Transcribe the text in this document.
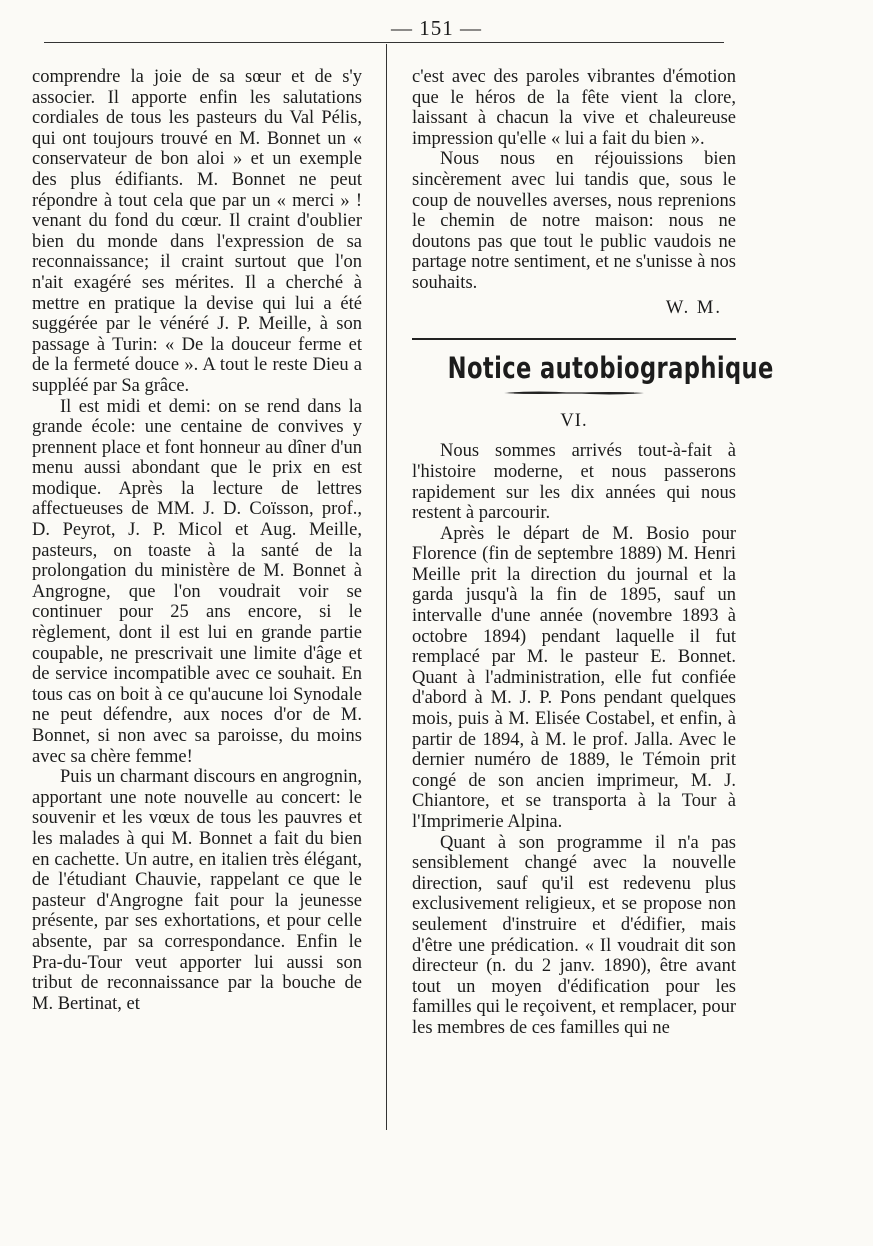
— 151 —

comprendre la joie de sa sœur et de s'y associer. Il apporte enfin les salutations cordiales de tous les pasteurs du Val Pélis, qui ont toujours trouvé en M. Bonnet un « conservateur de bon aloi » et un exemple des plus édifiants. M. Bonnet ne peut répondre à tout cela que par un « merci » ! venant du fond du cœur. Il craint d'oublier bien du monde dans l'expression de sa reconnaissance; il craint surtout que l'on n'ait exagéré ses mérites. Il a cherché à mettre en pratique la devise qui lui a été suggérée par le vénéré J. P. Meille, à son passage à Turin: « De la douceur ferme et de la fermeté douce ». A tout le reste Dieu a suppléé par Sa grâce.

Il est midi et demi: on se rend dans la grande école: une centaine de convives y prennent place et font honneur au dîner d'un menu aussi abondant que le prix en est modique. Après la lecture de lettres affectueuses de MM. J. D. Coïsson, prof., D. Peyrot, J. P. Micol et Aug. Meille, pasteurs, on toaste à la santé de la prolongation du ministère de M. Bonnet à Angrogne, que l'on voudrait voir se continuer pour 25 ans encore, si le règlement, dont il est lui en grande partie coupable, ne prescrivait une limite d'âge et de service incompatible avec ce souhait. En tous cas on boit à ce qu'aucune loi Synodale ne peut défendre, aux noces d'or de M. Bonnet, si non avec sa paroisse, du moins avec sa chère femme!

Puis un charmant discours en angrognin, apportant une note nouvelle au concert: le souvenir et les vœux de tous les pauvres et les malades à qui M. Bonnet a fait du bien en cachette. Un autre, en italien très élégant, de l'étudiant Chauvie, rappelant ce que le pasteur d'Angrogne fait pour la jeunesse présente, par ses exhortations, et pour celle absente, par sa correspondance. Enfin le Pra-du-Tour veut apporter lui aussi son tribut de reconnaissance par la bouche de M. Bertinat, et

c'est avec des paroles vibrantes d'émotion que le héros de la fête vient la clore, laissant à chacun la vive et chaleureuse impression qu'elle « lui a fait du bien ».

Nous nous en réjouissions bien sincèrement avec lui tandis que, sous le coup de nouvelles averses, nous reprenions le chemin de notre maison: nous ne doutons pas que tout le public vaudois ne partage notre sentiment, et ne s'unisse à nos souhaits.

W. M.
Notice autobiographique
VI.

Nous sommes arrivés tout-à-fait à l'histoire moderne, et nous passerons rapidement sur les dix années qui nous restent à parcourir.

Après le départ de M. Bosio pour Florence (fin de septembre 1889) M. Henri Meille prit la direction du journal et la garda jusqu'à la fin de 1895, sauf un intervalle d'une année (novembre 1893 à octobre 1894) pendant laquelle il fut remplacé par M. le pasteur E. Bonnet. Quant à l'administration, elle fut confiée d'abord à M. J. P. Pons pendant quelques mois, puis à M. Elisée Costabel, et enfin, à partir de 1894, à M. le prof. Jalla. Avec le dernier numéro de 1889, le Témoin prit congé de son ancien imprimeur, M. J. Chiantore, et se transporta à la Tour à l'Imprimerie Alpina.

Quant à son programme il n'a pas sensiblement changé avec la nouvelle direction, sauf qu'il est redevenu plus exclusivement religieux, et se propose non seulement d'instruire et d'édifier, mais d'être une prédication. « Il voudrait dit son directeur (n. du 2 janv. 1890), être avant tout un moyen d'édification pour les familles qui le reçoivent, et remplacer, pour les membres de ces familles qui ne
